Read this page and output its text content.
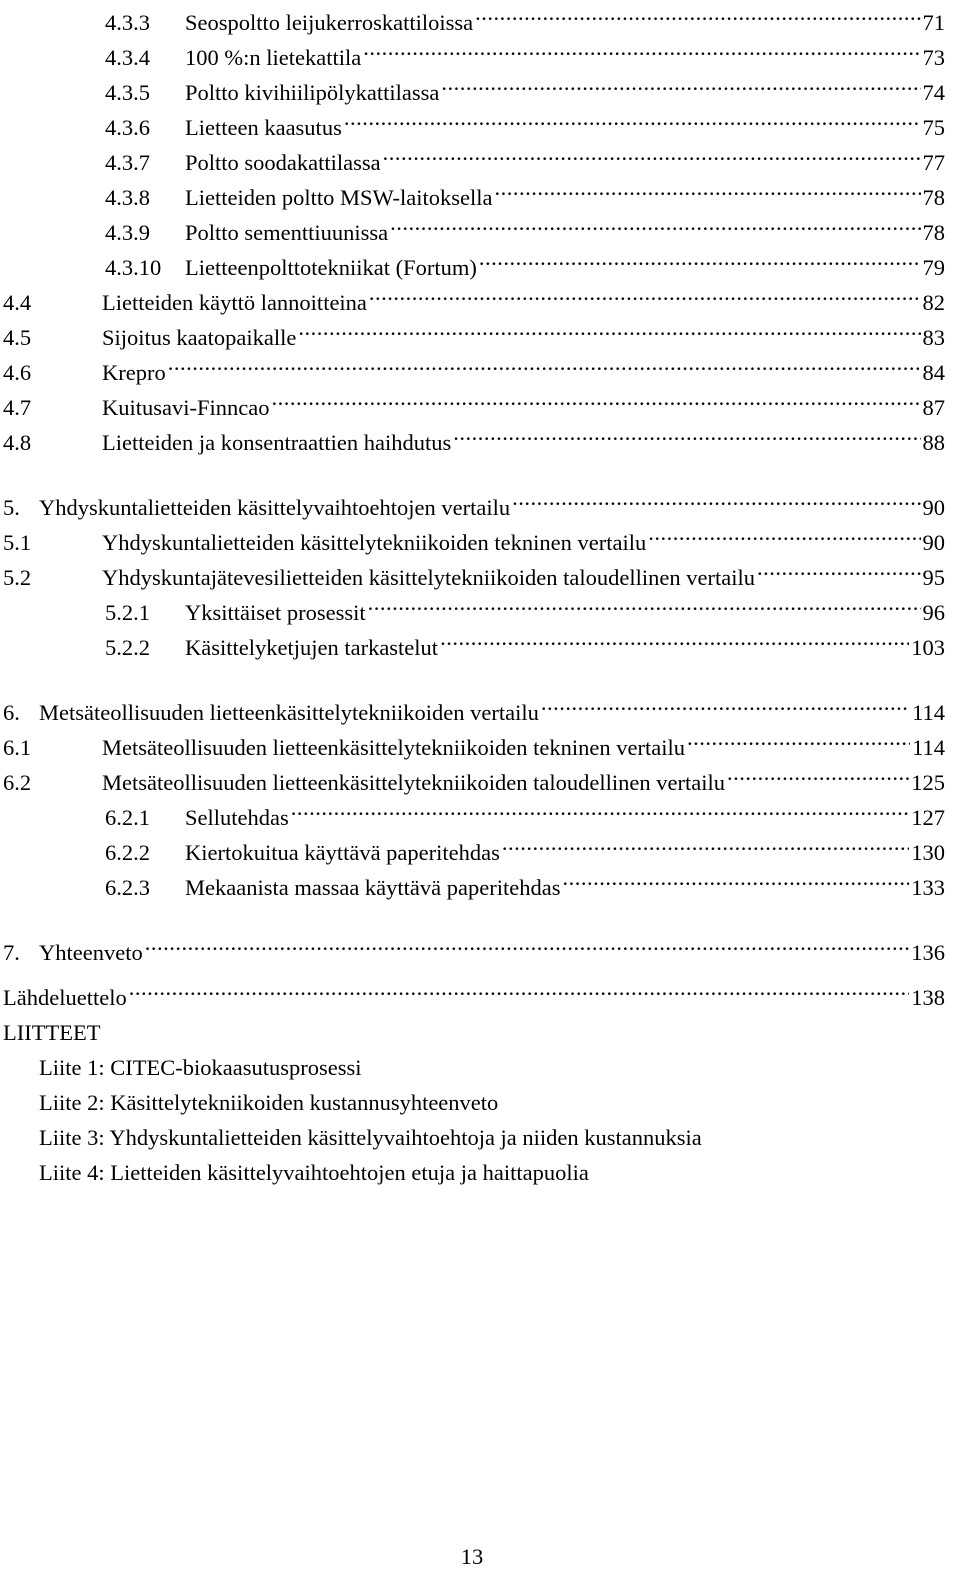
4.3.3	Seospoltto leijukerroskattiloissa .....	71
4.3.4	100 %:n lietekattila .....	73
4.3.5	Poltto kivihiilipölykattilassa .....	74
4.3.6	Lietteen kaasutus .....	75
4.3.7	Poltto soodakattilassa .....	77
4.3.8	Lietteiden poltto MSW-laitoksella .....	78
4.3.9	Poltto sementtiuunissa .....	78
4.3.10	Lietteenpolttotekniikat (Fortum) .....	79
4.4	Lietteiden käyttö lannoitteina .....	82
4.5	Sijoitus kaatopaikalle .....	83
4.6	Krepro .....	84
4.7	Kuitusavi-Finncao .....	87
4.8	Lietteiden ja konsentraattien haihdutus .....	88
5. Yhdyskuntalietteiden käsittelyvaihtoehtojen vertailu .....	90
5.1	Yhdyskuntalietteiden käsittelytekniikoiden tekninen vertailu .....	90
5.2	Yhdyskuntajätevesilietteiden käsittelytekniikoiden taloudellinen vertailu .....	95
5.2.1	Yksittäiset prosessit .....	96
5.2.2	Käsittelyketjujen tarkastelut .....	103
6. Metsäteollisuuden lietteenkäsittelytekniikoiden vertailu .....	114
6.1	Metsäteollisuuden lietteenkäsittelytekniikoiden tekninen vertailu .....	114
6.2	Metsäteollisuuden lietteenkäsittelytekniikoiden taloudellinen vertailu .....	125
6.2.1	Sellutehdas .....	127
6.2.2	Kiertokuitua käyttävä paperitehdas .....	130
6.2.3	Mekaanista massaa käyttävä paperitehdas .....	133
7. Yhteenveto .....	136
Lähdeluettelo .....	138
LIITTEET
Liite 1: CITEC-biokaasutusprosessi
Liite 2: Käsittelytekniikoiden kustannusyhteenveto
Liite 3: Yhdyskuntalietteiden käsittelyvaihtoehtoja ja niiden kustannuksia
Liite 4: Lietteiden käsittelyvaihtoehtojen etuja ja haittapuolia
13
